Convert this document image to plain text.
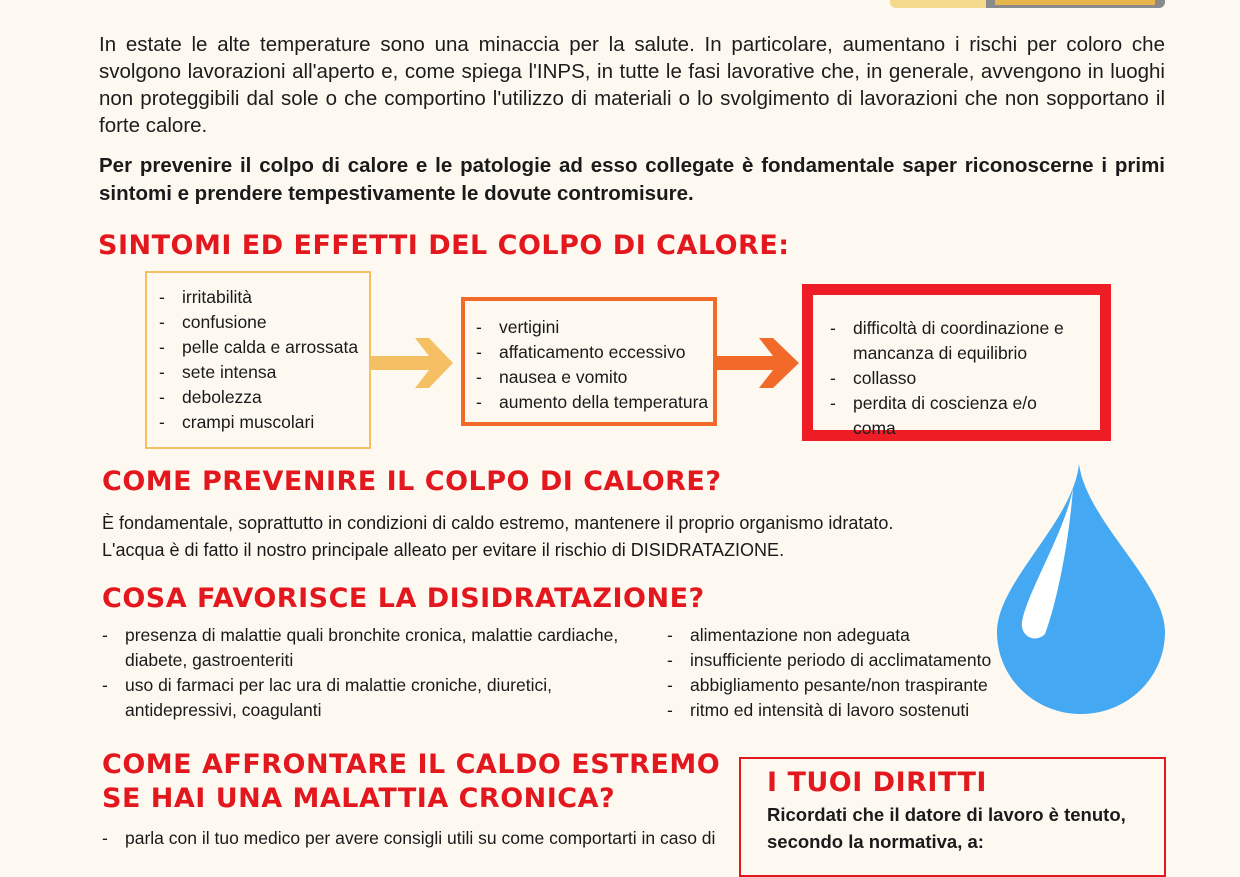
In estate le alte temperature sono una minaccia per la salute. In particolare, aumentano i rischi per coloro che svolgono lavorazioni all'aperto e, come spiega l'INPS, in tutte le fasi lavorative che, in generale, avvengono in luoghi non proteggibili dal sole o che comportino l'utilizzo di materiali o lo svolgimento di lavorazioni che non sopportano il forte calore.
Per prevenire il colpo di calore e le patologie ad esso collegate è fondamentale saper riconoscerne i primi sintomi e prendere tempestivamente le dovute contromisure.
SINTOMI ED EFFETTI DEL COLPO DI CALORE:
- irritabilità
- confusione
- pelle calda e arrossata
- sete intensa
- debolezza
- crampi muscolari
- vertigini
- affaticamento eccessivo
- nausea e vomito
- aumento della temperatura
- difficoltà di coordinazione e mancanza di equilibrio
- collasso
- perdita di coscienza e/o coma
COME PREVENIRE IL COLPO DI CALORE?
È fondamentale, soprattutto in condizioni di caldo estremo, mantenere il proprio organismo idratato.
L'acqua è di fatto il nostro principale alleato per evitare il rischio di DISIDRATAZIONE.
COSA FAVORISCE LA DISIDRATAZIONE?
- presenza di malattie quali bronchite cronica, malattie cardiache, diabete, gastroenteriti
- uso di farmaci per lac ura di malattie croniche, diuretici, antidepressivi, coagulanti
- alimentazione non adeguata
- insufficiente periodo di acclimatamento
- abbigliamento pesante/non traspirante
- ritmo ed intensità di lavoro sostenuti
COME AFFRONTARE IL CALDO ESTREMO
SE HAI UNA MALATTIA CRONICA?
- parla con il tuo medico per avere consigli utili su come comportarti in caso di
I TUOI DIRITTI
Ricordati che il datore di lavoro è tenuto,
secondo la normativa, a:
